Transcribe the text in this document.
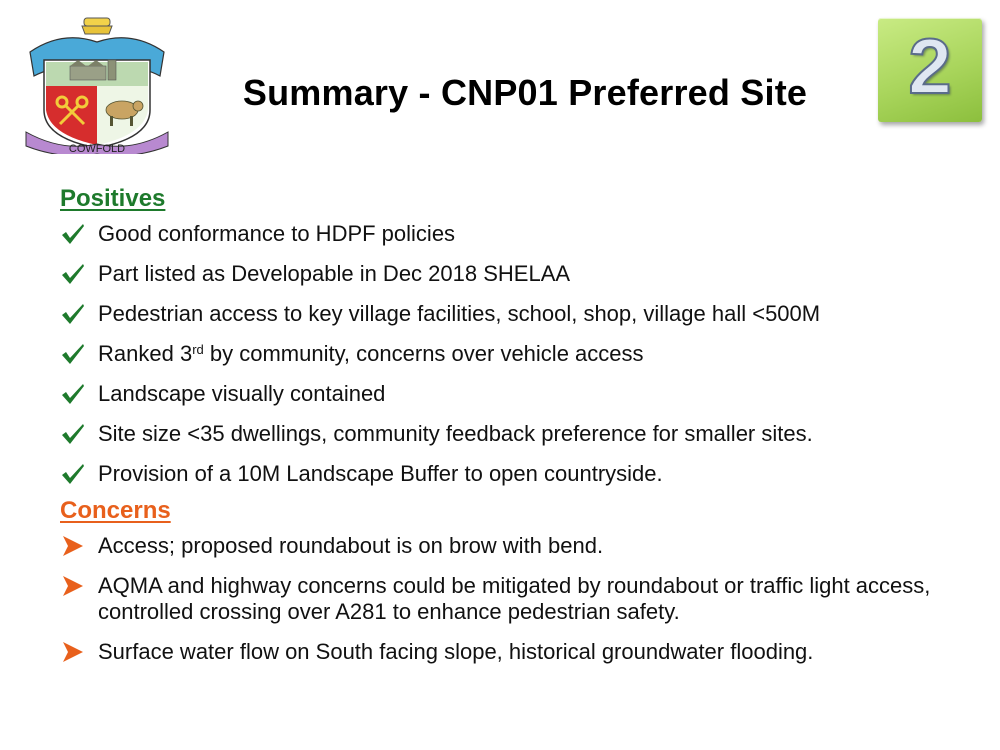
COWFOLD
Summary - CNP01 Preferred Site	2
Positives
Good conformance to HDPF policies
Part listed as Developable in Dec 2018 SHELAA
Pedestrian access to key village facilities, school, shop, village hall <500M
Ranked 3rd by community, concerns over vehicle access
Landscape visually contained
Site size <35 dwellings, community feedback preference for smaller sites.
Provision of a 10M Landscape Buffer to open countryside.
Concerns
Access; proposed roundabout is on brow with bend.
AQMA and highway concerns could be mitigated by roundabout or traffic light access, controlled crossing over A281 to enhance pedestrian safety.
Surface water flow on South facing slope, historical groundwater flooding.
